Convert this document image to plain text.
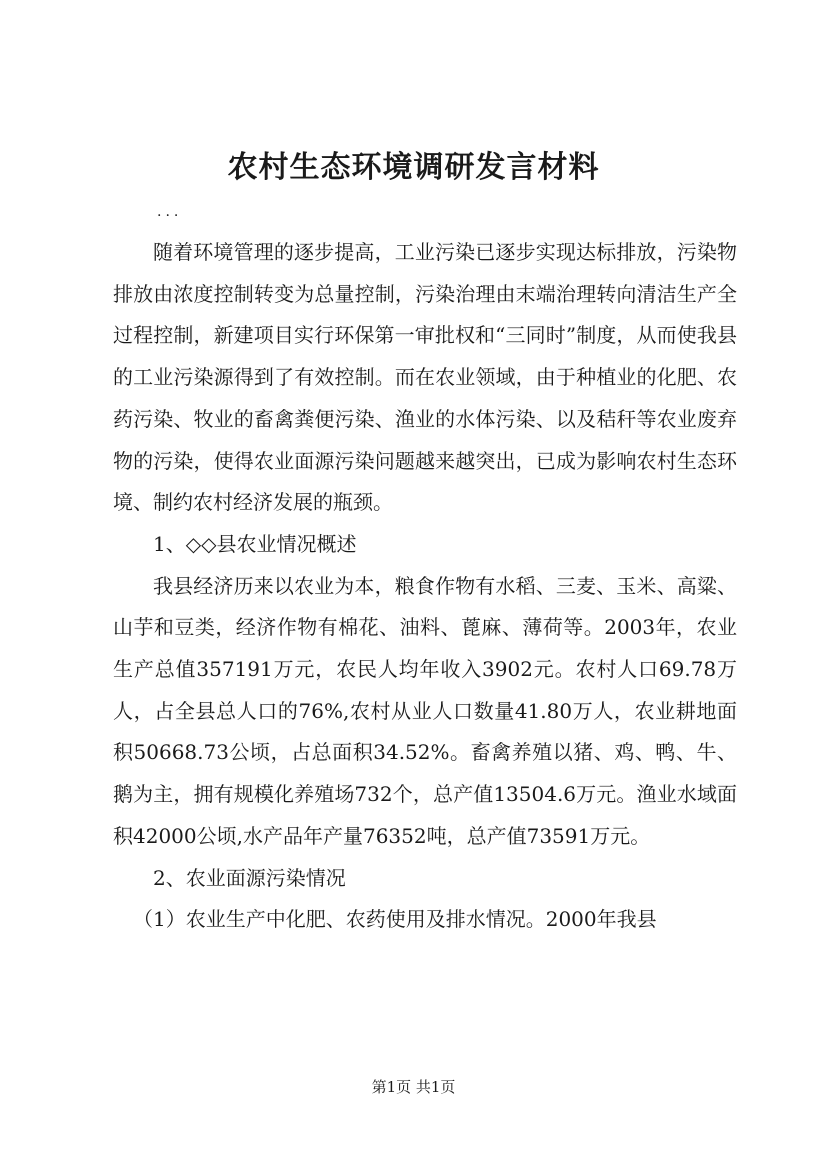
农村生态环境调研发言材料
...

随着环境管理的逐步提高，工业污染已逐步实现达标排放，污染物排放由浓度控制转变为总量控制，污染治理由末端治理转向清洁生产全过程控制，新建项目实行环保第一审批权和“三同时”制度，从而使我县的工业污染源得到了有效控制。而在农业领域，由于种植业的化肥、农药污染、牧业的畜禽粪便污染、渔业的水体污染、以及秸秆等农业废弃物的污染，使得农业面源污染问题越来越突出，已成为影响农村生态环境、制约农村经济发展的瓶颈。

1、◇◇县农业情况概述

我县经济历来以农业为本，粮食作物有水稻、三麦、玉米、高粱、山芋和豆类，经济作物有棉花、油料、蓖麻、薄荷等。2003年，农业生产总值357191万元，农民人均年收入3902元。农村人口69.78万人，占全县总人口的76%,农村从业人口数量41.80万人，农业耕地面积50668.73公顷，占总面积34.52%。畜禽养殖以猪、鸡、鸭、牛、鹅为主，拥有规模化养殖场732个，总产值13504.6万元。渔业水域面积42000公顷,水产品年产量76352吨，总产值73591万元。

2、农业面源污染情况

（1）农业生产中化肥、农药使用及排水情况。2000年我县

第1页 共1页
